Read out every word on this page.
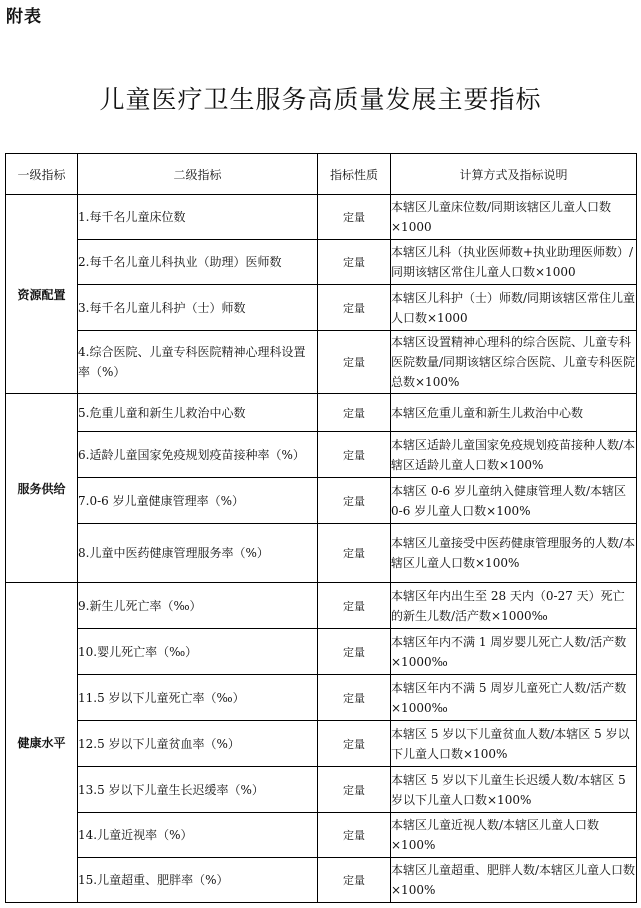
附表
儿童医疗卫生服务高质量发展主要指标
一级指标	二级指标	指标性质	计算方式及指标说明
资源配置	1.每千名儿童床位数	定量	本辖区儿童床位数/同期该辖区儿童人口数×1000
	2.每千名儿童儿科执业（助理）医师数	定量	本辖区儿科（执业医师数+执业助理医师数）/同期该辖区常住儿童人口数×1000
	3.每千名儿童儿科护（士）师数	定量	本辖区儿科护（士）师数/同期该辖区常住儿童人口数×1000
	4.综合医院、儿童专科医院精神心理科设置率（%）	定量	本辖区设置精神心理科的综合医院、儿童专科医院数量/同期该辖区综合医院、儿童专科医院总数×100%
服务供给	5.危重儿童和新生儿救治中心数	定量	本辖区危重儿童和新生儿救治中心数
	6.适龄儿童国家免疫规划疫苗接种率（%）	定量	本辖区适龄儿童国家免疫规划疫苗接种人数/本辖区适龄儿童人口数×100%
	7.0-6 岁儿童健康管理率（%）	定量	本辖区 0-6 岁儿童纳入健康管理人数/本辖区 0-6 岁儿童人口数×100%
	8.儿童中医药健康管理服务率（%）	定量	本辖区儿童接受中医药健康管理服务的人数/本辖区儿童人口数×100%
健康水平	9.新生儿死亡率（‰）	定量	本辖区年内出生至 28 天内（0-27 天）死亡的新生儿数/活产数×1000‰
	10.婴儿死亡率（‰）	定量	本辖区年内不满 1 周岁婴儿死亡人数/活产数×1000‰
	11.5 岁以下儿童死亡率（‰）	定量	本辖区年内不满 5 周岁儿童死亡人数/活产数×1000‰
	12.5 岁以下儿童贫血率（%）	定量	本辖区 5 岁以下儿童贫血人数/本辖区 5 岁以下儿童人口数×100%
	13.5 岁以下儿童生长迟缓率（%）	定量	本辖区 5 岁以下儿童生长迟缓人数/本辖区 5 岁以下儿童人口数×100%
	14.儿童近视率（%）	定量	本辖区儿童近视人数/本辖区儿童人口数×100%
	15.儿童超重、肥胖率（%）	定量	本辖区儿童超重、肥胖人数/本辖区儿童人口数×100%
